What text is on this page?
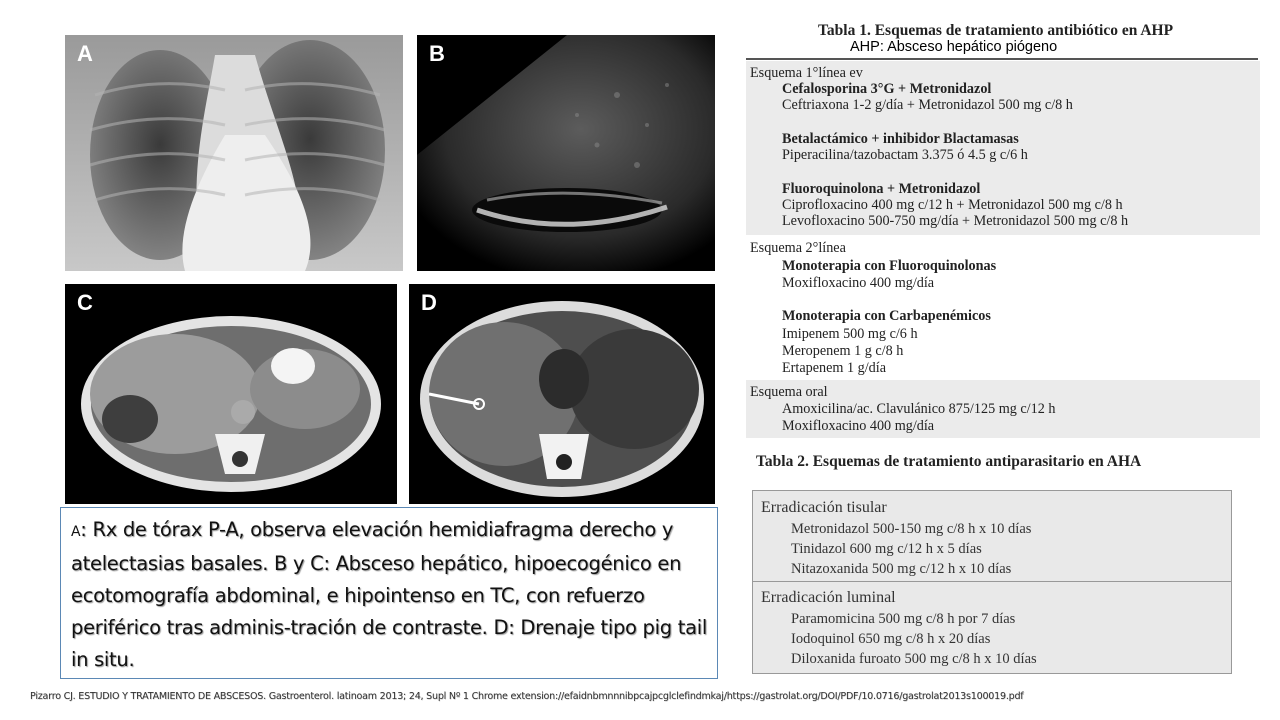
A	B
C	D
Tabla 1. Esquemas de tratamiento antibiótico en AHP
AHP: Absceso hepático piógeno
Esquema 1°línea ev
Cefalosporina 3°G + Metronidazol
Ceftriaxona 1-2 g/día + Metronidazol 500 mg c/8 h
Betalactámico + inhibidor Blactamasas
Piperacilina/tazobactam 3.375 ó 4.5 g c/6 h
Fluoroquinolona + Metronidazol
Ciprofloxacino 400 mg c/12 h + Metronidazol 500 mg c/8 h
Levofloxacino 500-750 mg/día + Metronidazol 500 mg c/8 h
Esquema 2°línea
Monoterapia con Fluoroquinolonas
Moxifloxacino 400 mg/día
Monoterapia con Carbapenémicos
Imipenem 500 mg c/6 h
Meropenem 1 g c/8 h
Ertapenem 1 g/día
Esquema oral
Amoxicilina/ac. Clavulánico 875/125 mg c/12 h
Moxifloxacino 400 mg/día
Tabla 2. Esquemas de tratamiento antiparasitario en AHA
Erradicación tisular
Metronidazol 500-150 mg c/8 h x 10 días
Tinidazol 600 mg c/12 h x 5 días
Nitazoxanida 500 mg c/12 h x 10 días
Erradicación luminal
Paramomicina 500 mg c/8 h por 7 días
Iodoquinol 650 mg c/8 h x 20 días
Diloxanida furoato 500 mg c/8 h x 10 días
A: Rx de tórax P-A, observa elevación hemidiafragma derecho y atelectasias basales. B y C: Absceso hepático, hipoecogénico en ecotomografía abdominal, e hipointenso en TC, con refuerzo periférico tras adminis-tración de contraste. D: Drenaje tipo pig tail in situ.
Pizarro CJ. ESTUDIO Y TRATAMIENTO DE ABSCESOS. Gastroenterol. latinoam 2013; 24, Supl Nº 1 Chrome extension://efaidnbmnnnibpcajpcglclefindmkaj/https://gastrolat.org/DOI/PDF/10.0716/gastrolat2013s100019.pdf
